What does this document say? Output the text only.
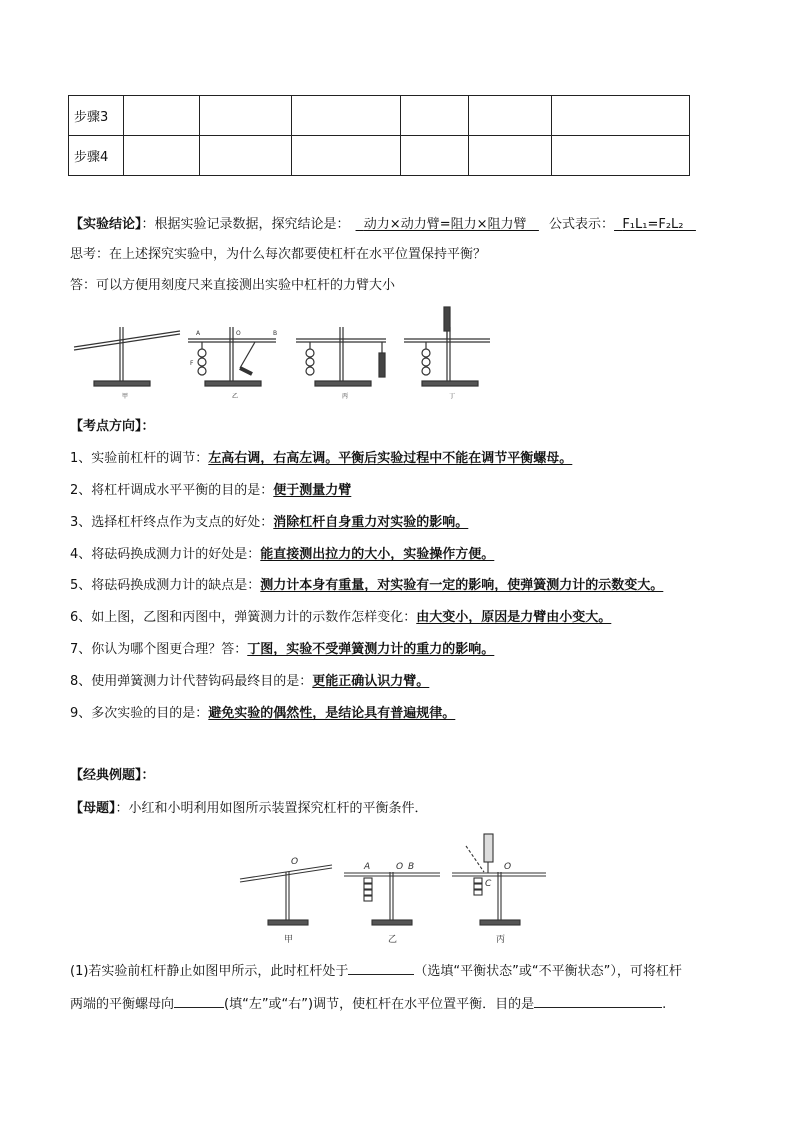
步骤3						
步骤4						
【实验结论】：根据实验记录数据，探究结论是： 动力×动力臂=阻力×阻力臂 公式表示： F₁L₁=F₂L₂
思考：在上述探究实验中，为什么每次都要使杠杆在水平位置保持平衡？
答：可以方便用刻度尺来直接测出实验中杠杆的力臂大小
A	O	B
F
甲	乙	丙	丁
【考点方向】：
1、实验前杠杆的调节：左高右调，右高左调。平衡后实验过程中不能在调节平衡螺母。
2、将杠杆调成水平平衡的目的是：便于测量力臂
3、选择杠杆终点作为支点的好处：消除杠杆自身重力对实验的影响。
4、将砝码换成测力计的好处是：能直接测出拉力的大小，实验操作方便。
5、将砝码换成测力计的缺点是：测力计本身有重量，对实验有一定的影响，使弹簧测力计的示数变大。
6、如上图，乙图和丙图中，弹簧测力计的示数作怎样变化：由大变小，原因是力臂由小变大。
7、你认为哪个图更合理？答：丁图，实验不受弹簧测力计的重力的影响。
8、使用弹簧测力计代替钩码最终目的是：更能正确认识力臂。
9、多次实验的目的是：避免实验的偶然性，是结论具有普遍规律。
【经典例题】：
【母题】：小红和小明利用如图所示装置探究杠杆的平衡条件．
O	A	O B	O
C
甲	乙	丙
(1)若实验前杠杆静止如图甲所示，此时杠杆处于	（选填“平衡状态”或“不平衡状态”），可将杠杆
两端的平衡螺母向	(填“左”或“右”)调节，使杠杆在水平位置平衡．目的是	.
